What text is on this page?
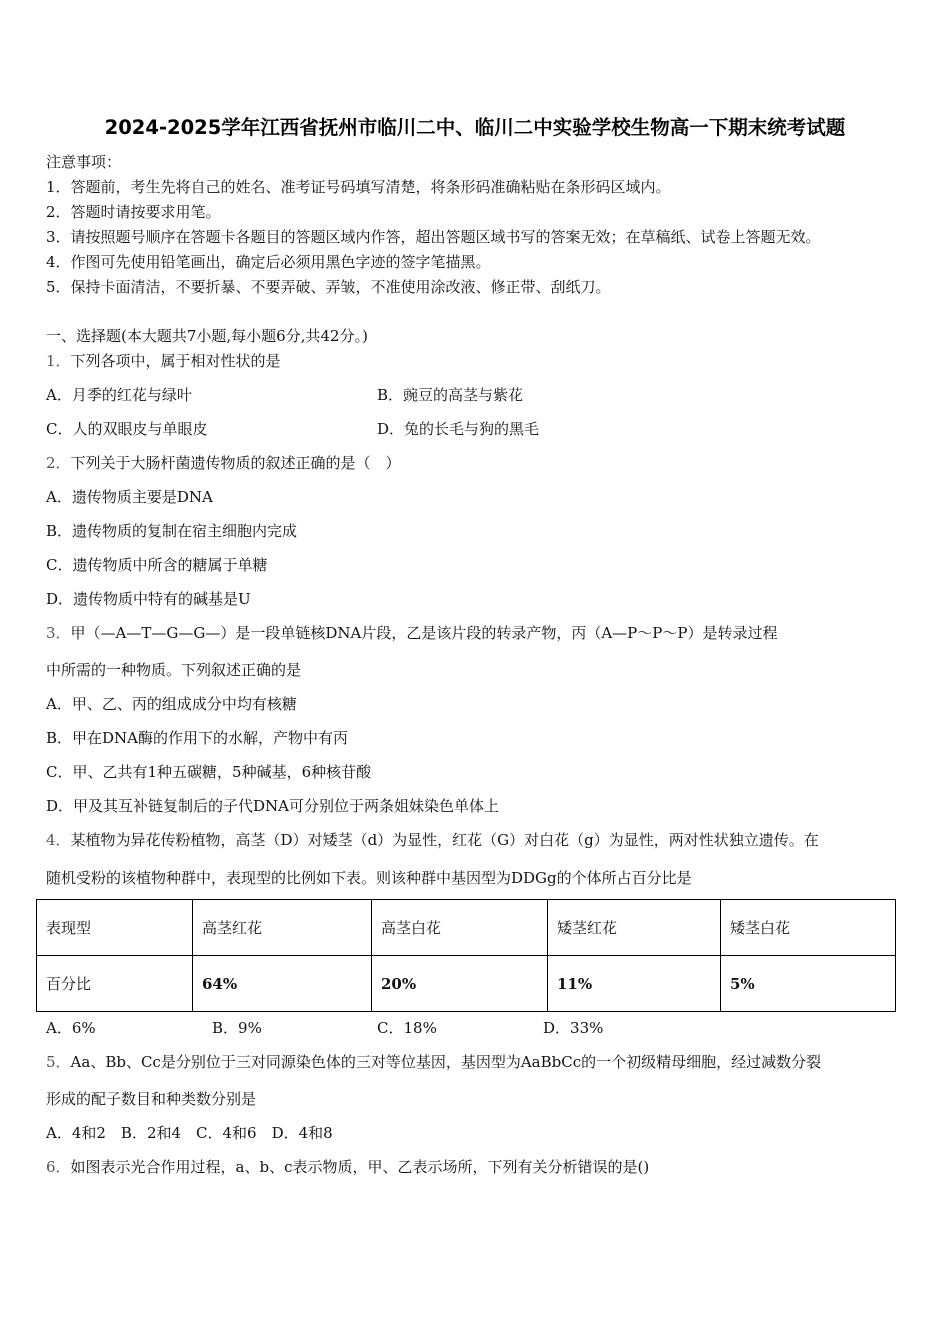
2024-2025学年江西省抚州市临川二中、临川二中实验学校生物高一下期末统考试题
注意事项：
1．答题前，考生先将自己的姓名、准考证号码填写清楚，将条形码准确粘贴在条形码区域内。
2．答题时请按要求用笔。
3．请按照题号顺序在答题卡各题目的答题区域内作答，超出答题区域书写的答案无效；在草稿纸、试卷上答题无效。
4．作图可先使用铅笔画出，确定后必须用黑色字迹的签字笔描黑。
5．保持卡面清洁，不要折暴、不要弄破、弄皱，不准使用涂改液、修正带、刮纸刀。
一、选择题(本大题共7小题,每小题6分,共42分。)
1．下列各项中，属于相对性状的是
A．月季的红花与绿叶	B．豌豆的高茎与紫花
C．人的双眼皮与单眼皮	D．兔的长毛与狗的黑毛
2．下列关于大肠杆菌遗传物质的叙述正确的是（　）
A．遗传物质主要是DNA
B．遗传物质的复制在宿主细胞内完成
C．遗传物质中所含的糖属于单糖
D．遗传物质中特有的碱基是U
3．甲（—A—T—G—G—）是一段单链核DNA片段，乙是该片段的转录产物，丙（A—P～P～P）是转录过程
中所需的一种物质。下列叙述正确的是
A．甲、乙、丙的组成成分中均有核糖
B．甲在DNA酶的作用下的水解，产物中有丙
C．甲、乙共有1种五碳糖，5种碱基，6种核苷酸
D．甲及其互补链复制后的子代DNA可分别位于两条姐妹染色单体上
4．某植物为异花传粉植物，高茎（D）对矮茎（d）为显性，红花（G）对白花（g）为显性，两对性状独立遗传。在
随机受粉的该植物种群中，表现型的比例如下表。则该种群中基因型为DDGg的个体所占百分比是
表现型	高茎红花	高茎白花	矮茎红花	矮茎白花
百分比	64%	20%	11%	5%
A．6%	B．9%	C．18%	D．33%
5．Aa、Bb、Cc是分别位于三对同源染色体的三对等位基因，基因型为AaBbCc的一个初级精母细胞，经过减数分裂
形成的配子数目和种类数分别是
A．4和2　B．2和4　C．4和6　D．4和8
6．如图表示光合作用过程，a、b、c表示物质，甲、乙表示场所，下列有关分析错误的是()
